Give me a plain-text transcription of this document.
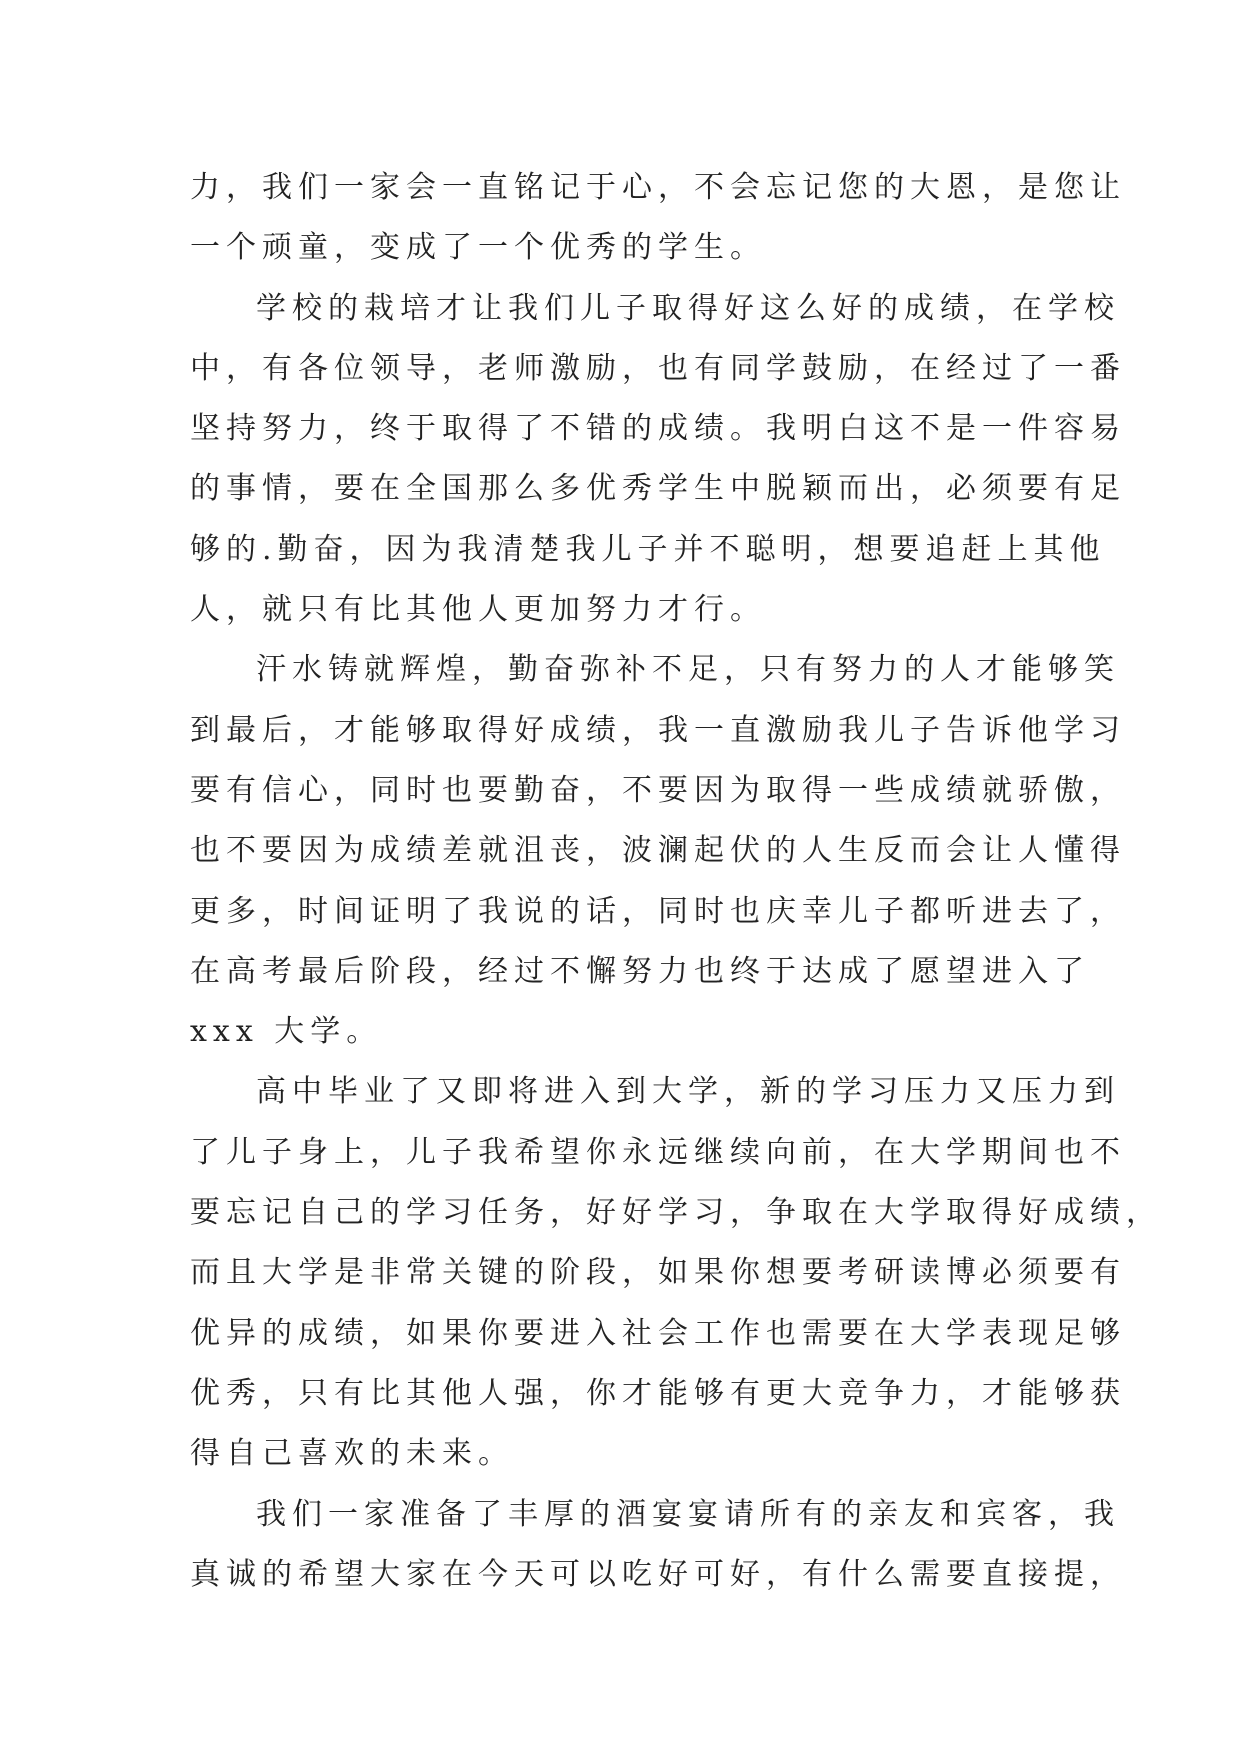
力，我们一家会一直铭记于心，不会忘记您的大恩，是您让
一个顽童，变成了一个优秀的学生。
学校的栽培才让我们儿子取得好这么好的成绩，在学校
中，有各位领导，老师激励，也有同学鼓励，在经过了一番
坚持努力，终于取得了不错的成绩。我明白这不是一件容易
的事情，要在全国那么多优秀学生中脱颖而出，必须要有足
够的.勤奋，因为我清楚我儿子并不聪明，想要追赶上其他
人，就只有比其他人更加努力才行。
汗水铸就辉煌，勤奋弥补不足，只有努力的人才能够笑
到最后，才能够取得好成绩，我一直激励我儿子告诉他学习
要有信心，同时也要勤奋，不要因为取得一些成绩就骄傲，
也不要因为成绩差就沮丧，波澜起伏的人生反而会让人懂得
更多，时间证明了我说的话，同时也庆幸儿子都听进去了，
在高考最后阶段，经过不懈努力也终于达成了愿望进入了
xxx 大学。
高中毕业了又即将进入到大学，新的学习压力又压力到
了儿子身上，儿子我希望你永远继续向前，在大学期间也不
要忘记自己的学习任务，好好学习，争取在大学取得好成绩，
而且大学是非常关键的阶段，如果你想要考研读博必须要有
优异的成绩，如果你要进入社会工作也需要在大学表现足够
优秀，只有比其他人强，你才能够有更大竞争力，才能够获
得自己喜欢的未来。
我们一家准备了丰厚的酒宴宴请所有的亲友和宾客，我
真诚的希望大家在今天可以吃好可好，有什么需要直接提，
